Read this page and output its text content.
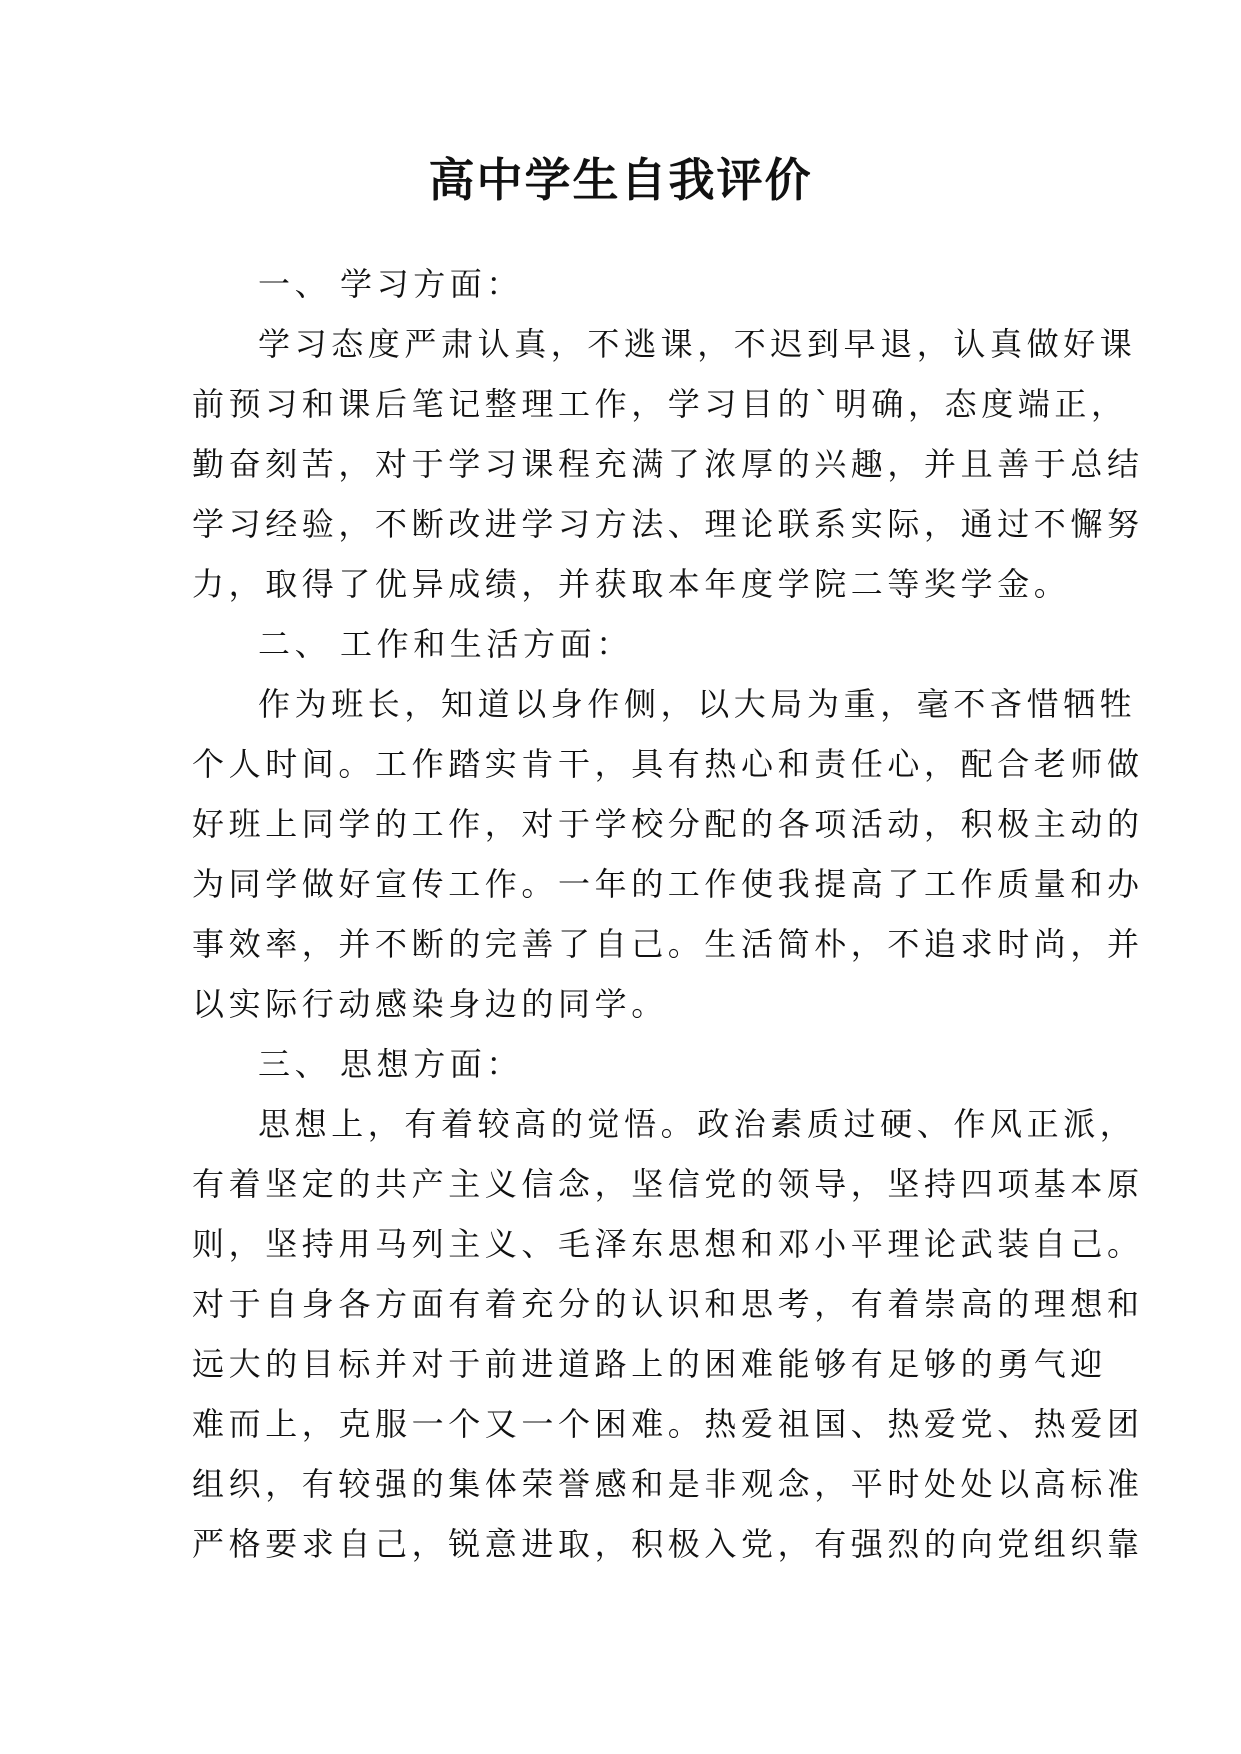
高中学生自我评价

一、 学习方面：

学习态度严肃认真，不逃课，不迟到早退，认真做好课

前预习和课后笔记整理工作，学习目的`明确，态度端正，

勤奋刻苦，对于学习课程充满了浓厚的兴趣，并且善于总结

学习经验，不断改进学习方法、理论联系实际，通过不懈努

力，取得了优异成绩，并获取本年度学院二等奖学金。

二、 工作和生活方面：

作为班长，知道以身作侧，以大局为重，毫不吝惜牺牲

个人时间。工作踏实肯干，具有热心和责任心，配合老师做

好班上同学的工作，对于学校分配的各项活动，积极主动的

为同学做好宣传工作。一年的工作使我提高了工作质量和办

事效率，并不断的完善了自己。生活简朴，不追求时尚，并

以实际行动感染身边的同学。

三、 思想方面：

思想上，有着较高的觉悟。政治素质过硬、作风正派，

有着坚定的共产主义信念，坚信党的领导，坚持四项基本原

则，坚持用马列主义、毛泽东思想和邓小平理论武装自己。

对于自身各方面有着充分的认识和思考，有着崇高的理想和

远大的目标并对于前进道路上的困难能够有足够的勇气迎

难而上，克服一个又一个困难。热爱祖国、热爱党、热爱团

组织，有较强的集体荣誉感和是非观念，平时处处以高标准

严格要求自己，锐意进取，积极入党，有强烈的向党组织靠
